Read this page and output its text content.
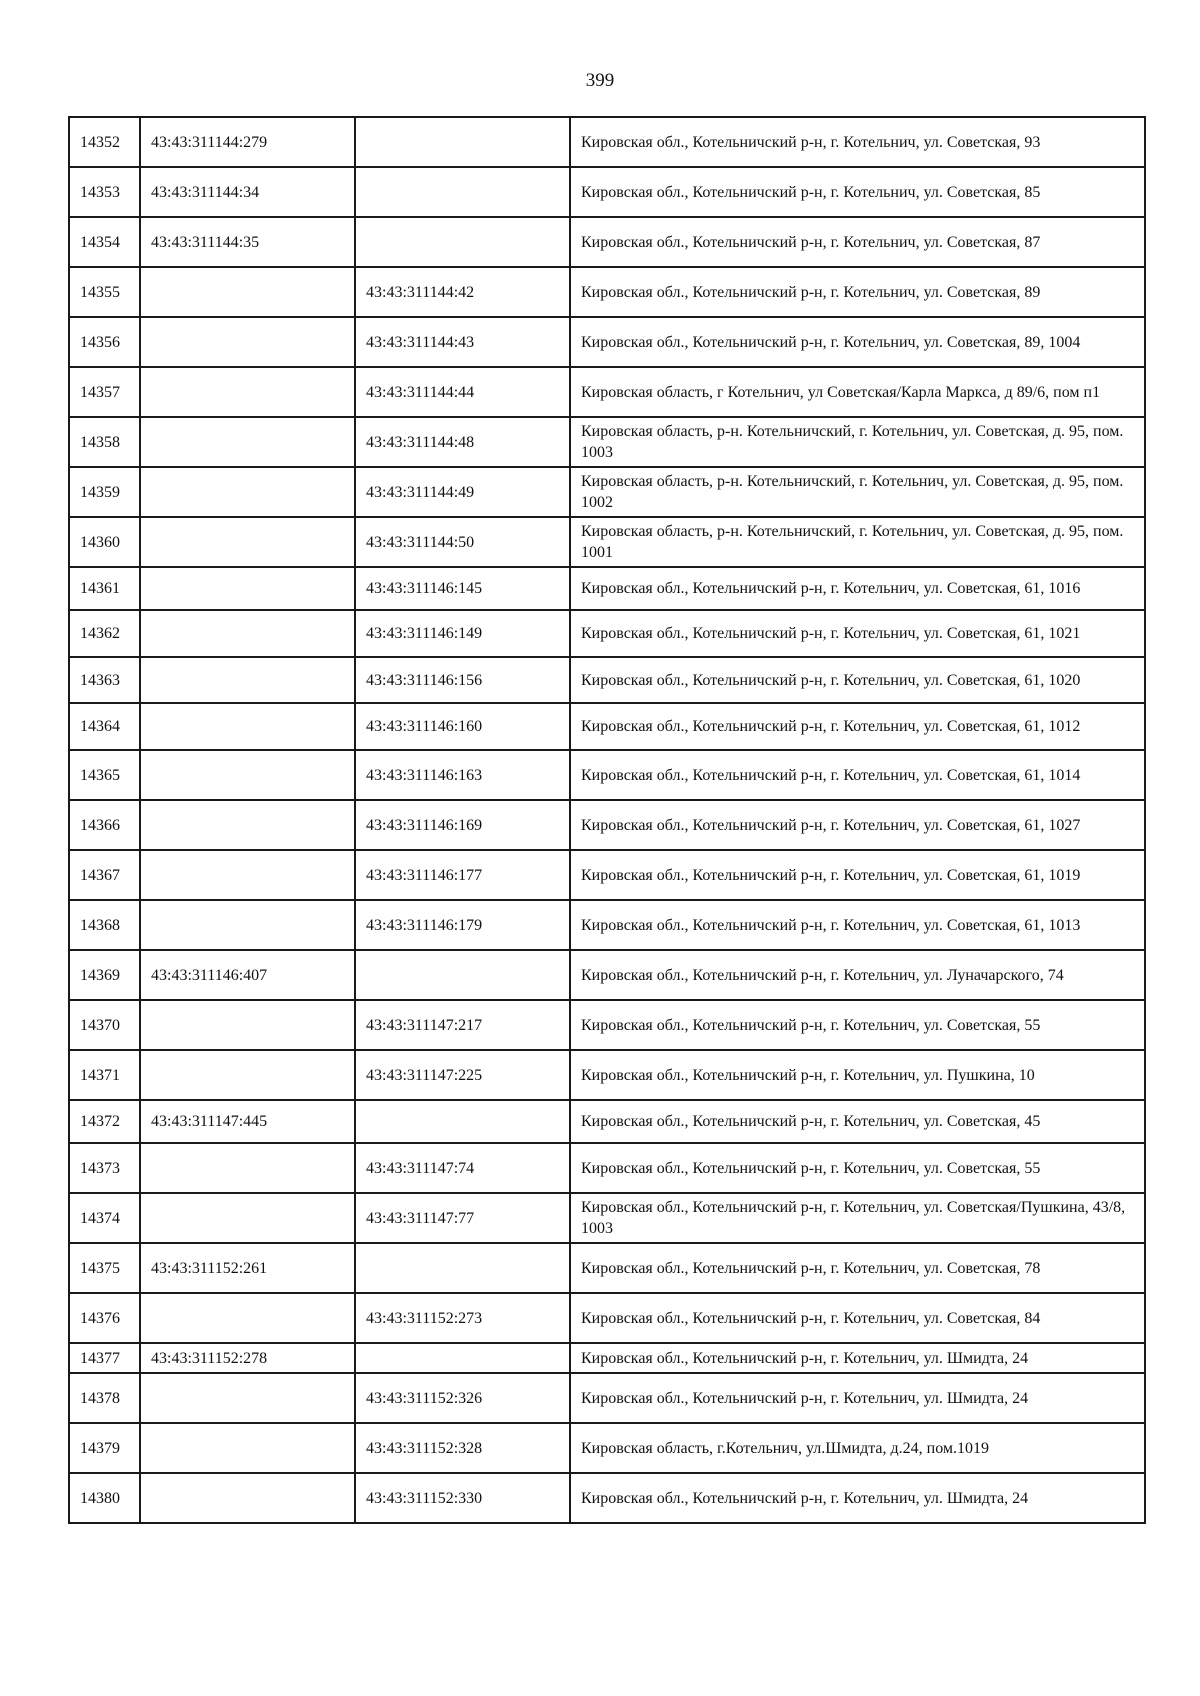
399
14352	43:43:311144:279		Кировская обл., Котельничский р-н, г. Котельнич, ул. Советская, 93
14353	43:43:311144:34		Кировская обл., Котельничский р-н, г. Котельнич, ул. Советская, 85
14354	43:43:311144:35		Кировская обл., Котельничский р-н, г. Котельнич, ул. Советская, 87
14355		43:43:311144:42	Кировская обл., Котельничский р-н, г. Котельнич, ул. Советская, 89
14356		43:43:311144:43	Кировская обл., Котельничский р-н, г. Котельнич, ул. Советская, 89, 1004
14357		43:43:311144:44	Кировская область, г Котельнич, ул Советская/Карла Маркса, д 89/6, пом п1
14358		43:43:311144:48	Кировская область, р-н. Котельничский, г. Котельнич, ул. Советская, д. 95, пом. 1003
14359		43:43:311144:49	Кировская область, р-н. Котельничский, г. Котельнич, ул. Советская, д. 95, пом. 1002
14360		43:43:311144:50	Кировская область, р-н. Котельничский, г. Котельнич, ул. Советская, д. 95, пом. 1001
14361		43:43:311146:145	Кировская обл., Котельничский р-н, г. Котельнич, ул. Советская, 61, 1016
14362		43:43:311146:149	Кировская обл., Котельничский р-н, г. Котельнич, ул. Советская, 61, 1021
14363		43:43:311146:156	Кировская обл., Котельничский р-н, г. Котельнич, ул. Советская, 61, 1020
14364		43:43:311146:160	Кировская обл., Котельничский р-н, г. Котельнич, ул. Советская, 61, 1012
14365		43:43:311146:163	Кировская обл., Котельничский р-н, г. Котельнич, ул. Советская, 61, 1014
14366		43:43:311146:169	Кировская обл., Котельничский р-н, г. Котельнич, ул. Советская, 61, 1027
14367		43:43:311146:177	Кировская обл., Котельничский р-н, г. Котельнич, ул. Советская, 61, 1019
14368		43:43:311146:179	Кировская обл., Котельничский р-н, г. Котельнич, ул. Советская, 61, 1013
14369	43:43:311146:407		Кировская обл., Котельничский р-н, г. Котельнич, ул. Луначарского, 74
14370		43:43:311147:217	Кировская обл., Котельничский р-н, г. Котельнич, ул. Советская, 55
14371		43:43:311147:225	Кировская обл., Котельничский р-н, г. Котельнич, ул. Пушкина, 10
14372	43:43:311147:445		Кировская обл., Котельничский р-н, г. Котельнич, ул. Советская, 45
14373		43:43:311147:74	Кировская обл., Котельничский р-н, г. Котельнич, ул. Советская, 55
14374		43:43:311147:77	Кировская обл., Котельничский р-н, г. Котельнич, ул. Советская/Пушкина, 43/8, 1003
14375	43:43:311152:261		Кировская обл., Котельничский р-н, г. Котельнич, ул. Советская, 78
14376		43:43:311152:273	Кировская обл., Котельничский р-н, г. Котельнич, ул. Советская, 84
14377	43:43:311152:278		Кировская обл., Котельничский р-н, г. Котельнич, ул. Шмидта, 24
14378		43:43:311152:326	Кировская обл., Котельничский р-н, г. Котельнич, ул. Шмидта, 24
14379		43:43:311152:328	Кировская область, г.Котельнич, ул.Шмидта, д.24, пом.1019
14380		43:43:311152:330	Кировская обл., Котельничский р-н, г. Котельнич, ул. Шмидта, 24
